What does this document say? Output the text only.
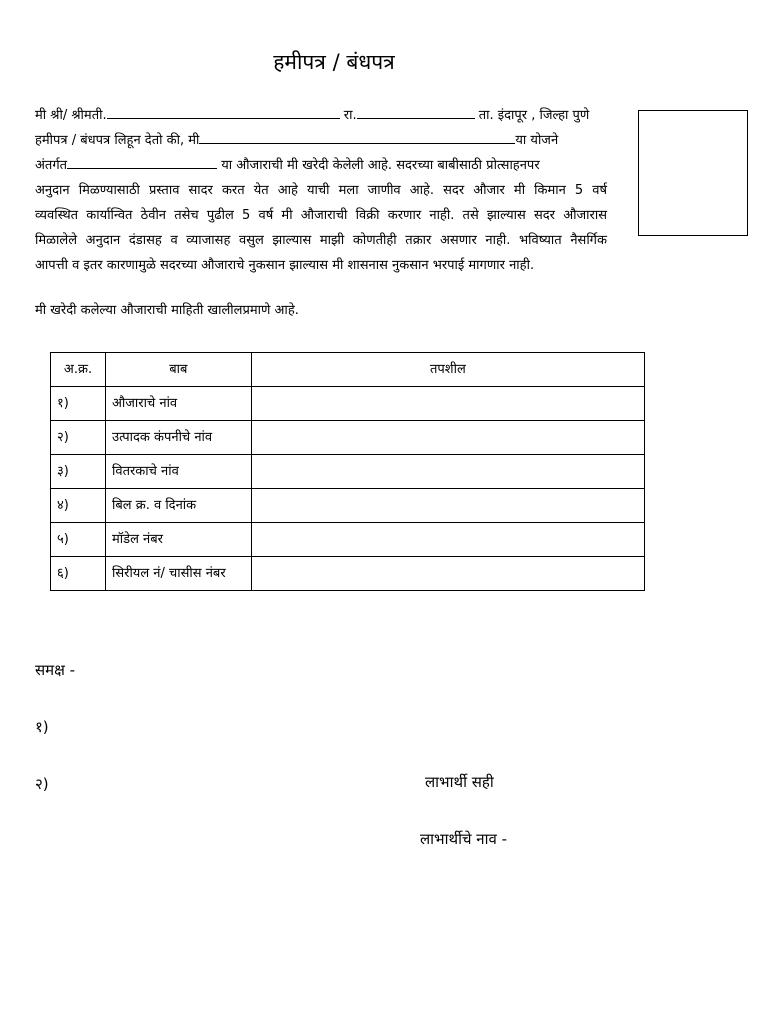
हमीपत्र / बंधपत्र
मी श्री/ श्रीमती.	रा.	ता. इंदापूर , जिल्हा पुणे
हमीपत्र / बंधपत्र लिहून देतो की, मी	या योजने
अंतर्गत	या औजाराची मी खरेदी केलेली आहे. सदरच्या बाबीसाठी प्रोत्साहनपर
अनुदान मिळण्यासाठी प्रस्ताव सादर करत येत आहे याची मला जाणीव आहे. सदर औजार मी किमान 5 वर्ष
व्यवस्थित कार्यान्वित ठेवीन तसेच पुढील 5 वर्ष मी औजाराची विक्री करणार नाही. तसे झाल्यास सदर औजारास
मिळालेले अनुदान दंडासह व व्याजासह वसुल झाल्यास माझी कोणतीही तक्रार असणार नाही. भविष्यात नैसर्गिक
आपत्ती व इतर कारणामुळे सदरच्या औजाराचे नुकसान झाल्यास मी शासनास नुकसान भरपाई मागणार नाही.
मी खरेदी कलेल्या औजाराची माहिती खालीलप्रमाणे आहे.
अ.क्र.	बाब	तपशील
१)	औजाराचे नांव	
२)	उत्पादक कंपनीचे नांव	
३)	वितरकाचे नांव	
४)	बिल क्र. व दिनांक	
५)	मॉडेल नंबर	
६)	सिरीयल नं/ चासीस नंबर	
समक्ष -
१)
२)	लाभार्थी सही
लाभार्थीचे नाव -
